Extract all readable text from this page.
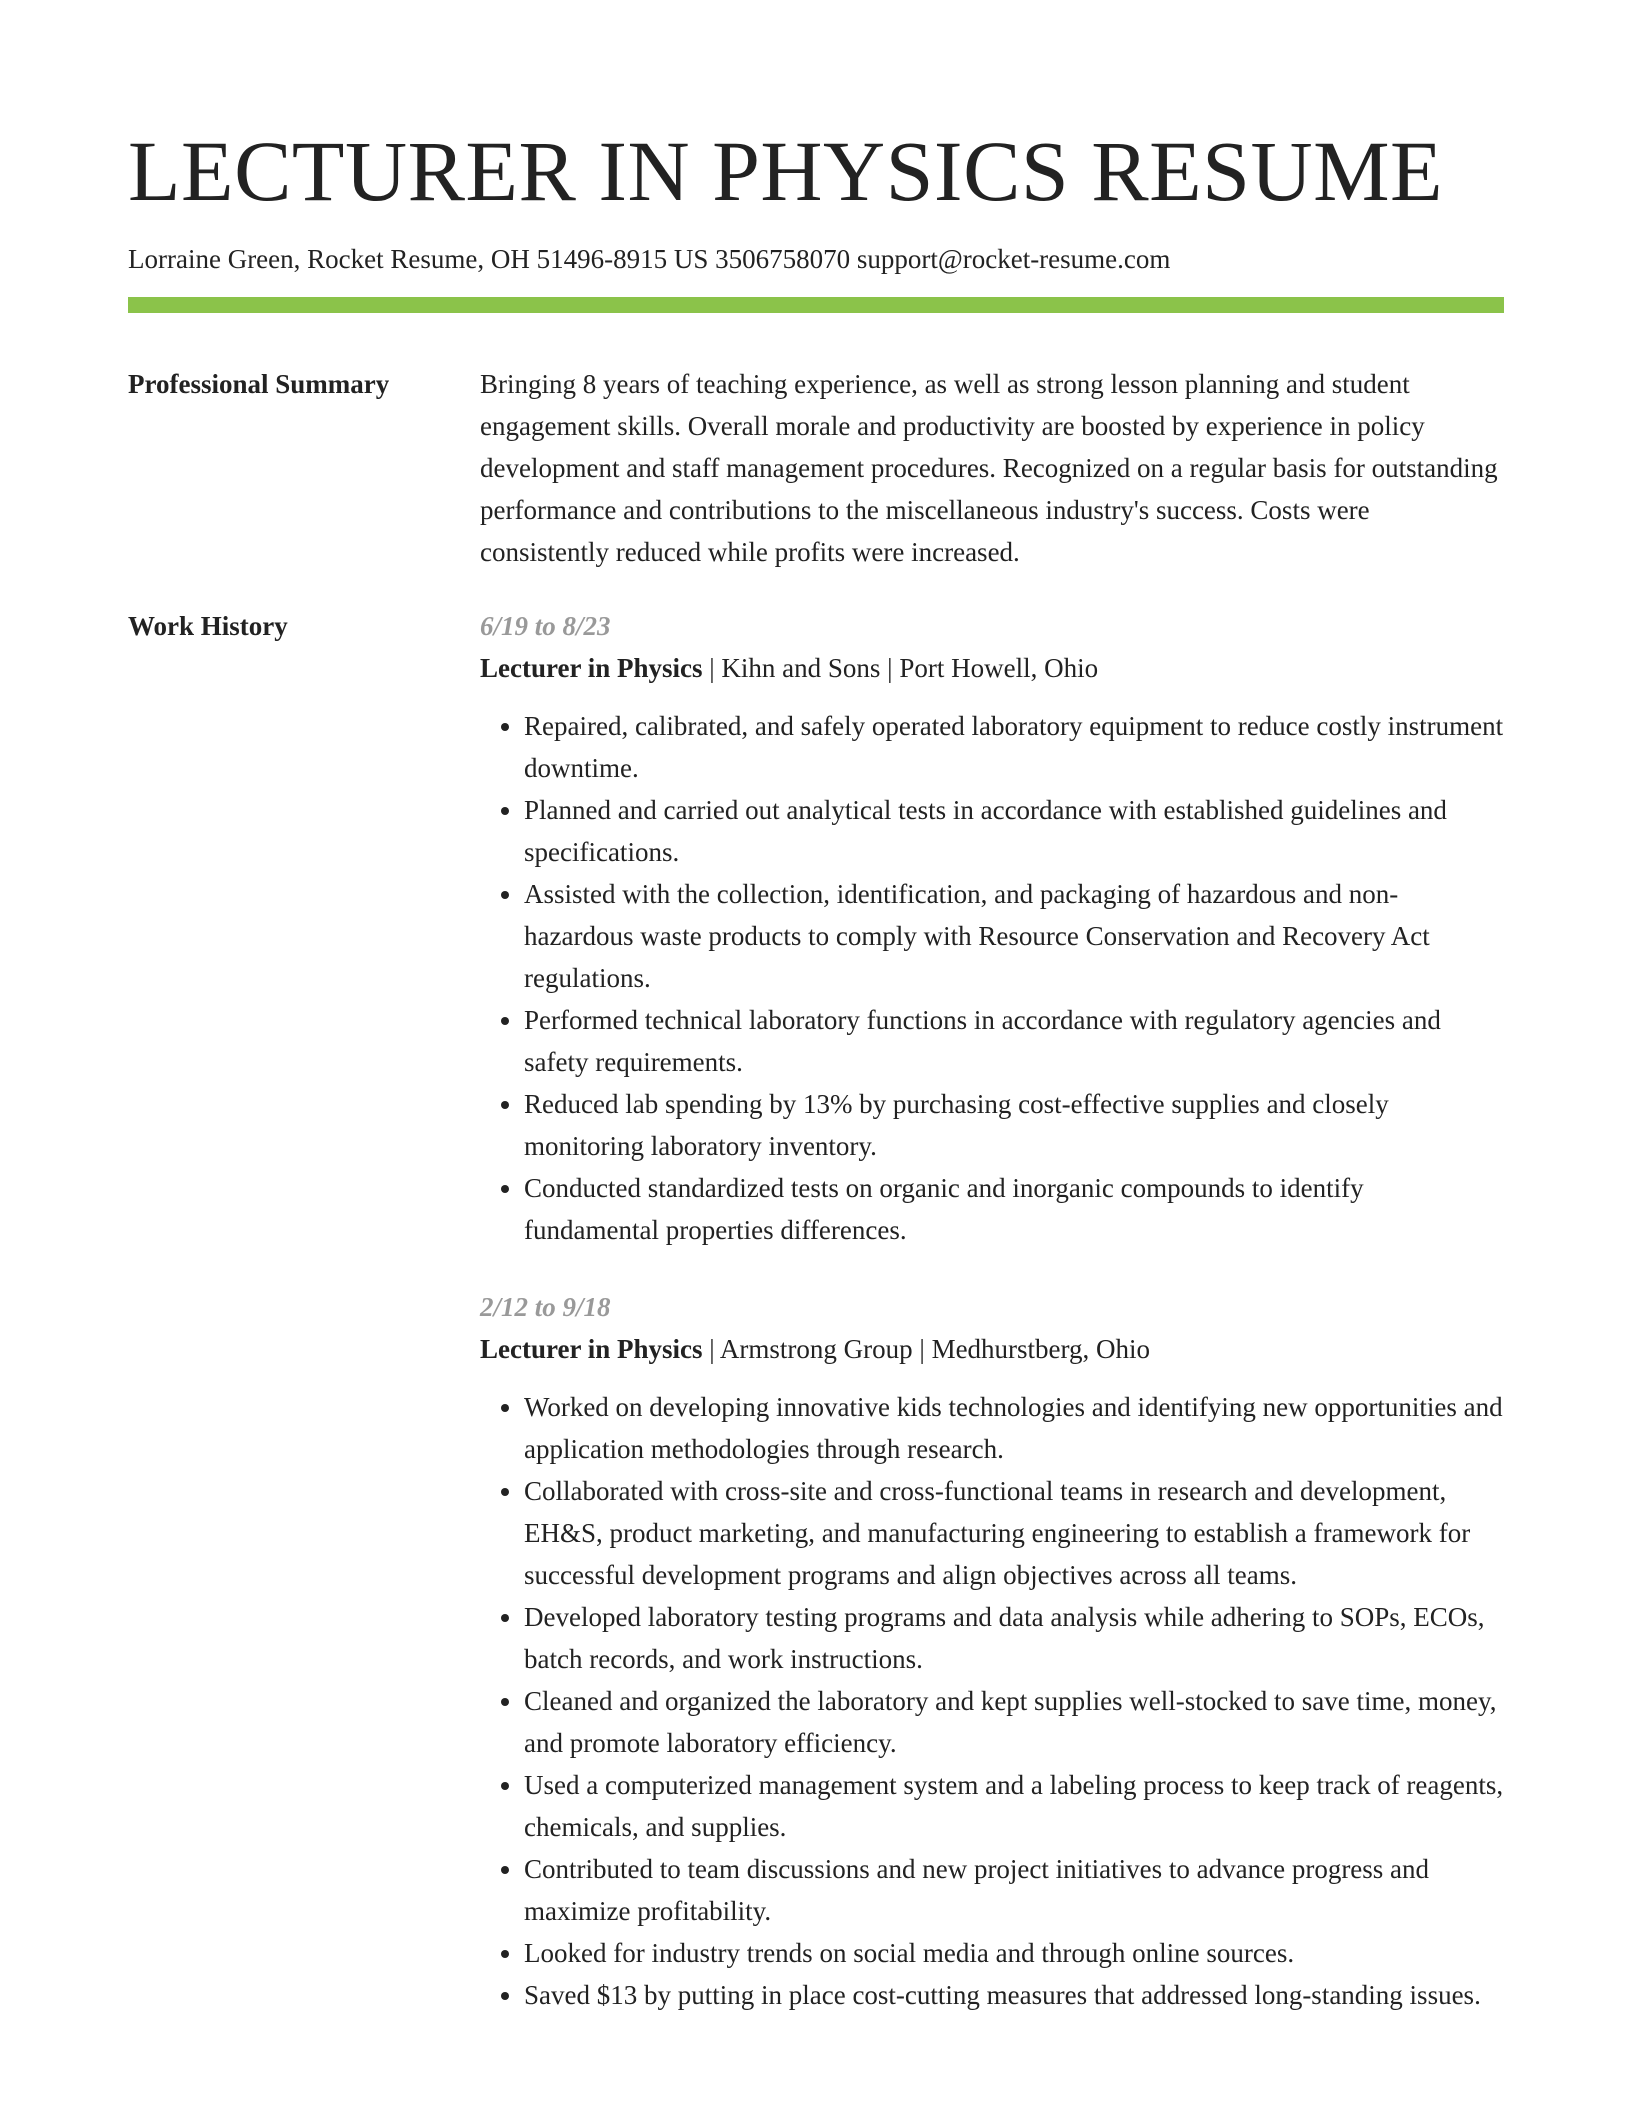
LECTURER IN PHYSICS RESUME
Lorraine Green, Rocket Resume, OH 51496-8915 US 3506758070 support@rocket-resume.com
Professional Summary	Bringing 8 years of teaching experience, as well as strong lesson planning and student engagement skills. Overall morale and productivity are boosted by experience in policy development and staff management procedures. Recognized on a regular basis for outstanding performance and contributions to the miscellaneous industry's success. Costs were consistently reduced while profits were increased.

Work History	6/19 to 8/23
Lecturer in Physics | Kihn and Sons | Port Howell, Ohio
• Repaired, calibrated, and safely operated laboratory equipment to reduce costly instrument downtime.
• Planned and carried out analytical tests in accordance with established guidelines and specifications.
• Assisted with the collection, identification, and packaging of hazardous and non-hazardous waste products to comply with Resource Conservation and Recovery Act regulations.
• Performed technical laboratory functions in accordance with regulatory agencies and safety requirements.
• Reduced lab spending by 13% by purchasing cost-effective supplies and closely monitoring laboratory inventory.
• Conducted standardized tests on organic and inorganic compounds to identify fundamental properties differences.
2/12 to 9/18
Lecturer in Physics | Armstrong Group | Medhurstberg, Ohio
• Worked on developing innovative kids technologies and identifying new opportunities and application methodologies through research.
• Collaborated with cross-site and cross-functional teams in research and development, EH&S, product marketing, and manufacturing engineering to establish a framework for successful development programs and align objectives across all teams.
• Developed laboratory testing programs and data analysis while adhering to SOPs, ECOs, batch records, and work instructions.
• Cleaned and organized the laboratory and kept supplies well-stocked to save time, money, and promote laboratory efficiency.
• Used a computerized management system and a labeling process to keep track of reagents, chemicals, and supplies.
• Contributed to team discussions and new project initiatives to advance progress and maximize profitability.
• Looked for industry trends on social media and through online sources.
• Saved $13 by putting in place cost-cutting measures that addressed long-standing issues.
